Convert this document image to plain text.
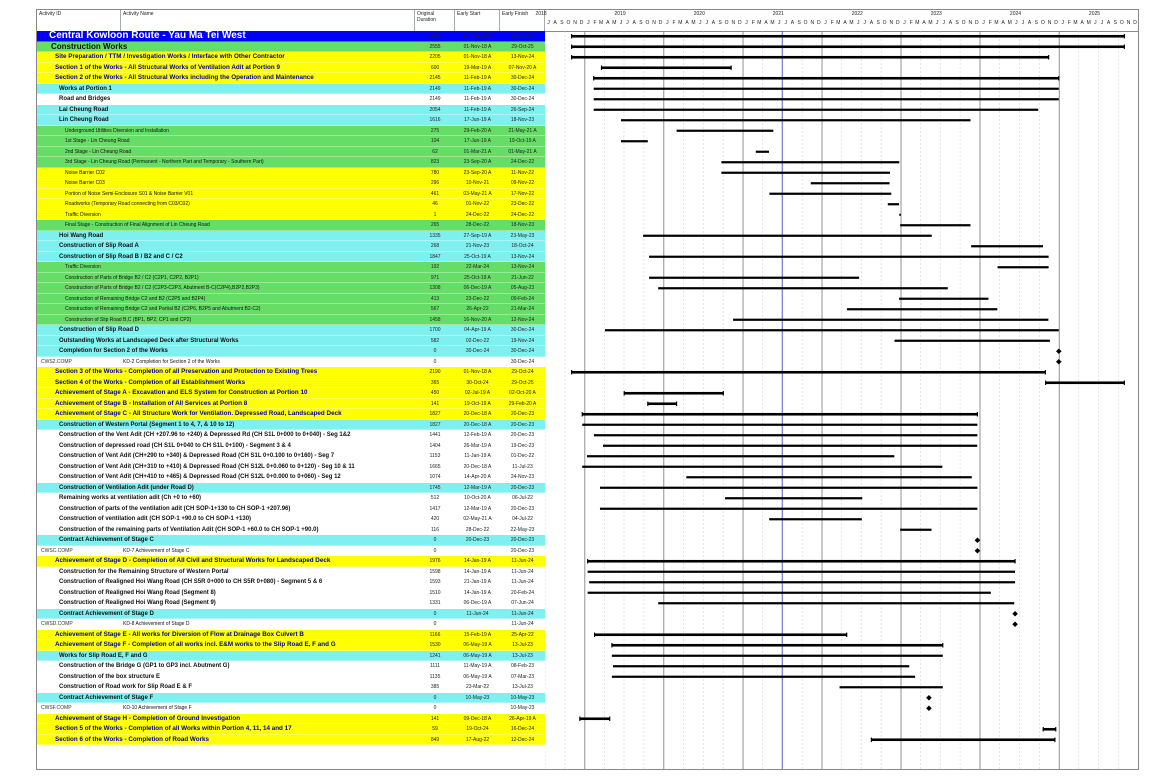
Activity ID	Activity Name	Original Duration
Early Start	Early Finish
J A S O N D J F M A M J J A S O N D J F M A M J J A S O N D J F M A M J J A S O N D J F M A M J J A S O N D J F M A M J J A S O N D J F M A M J J A S O N D J F M A M J J A S O N D
2018	2019	2020	2021	2022	2023	2024	2025
Central Kowloon Route - Yau Ma Tei West	2555	01-Nov-18 A	29-Oct-25
Construction Works	2555	01-Nov-18 A	29-Oct-25
Site Preparation / TTM / Investigation Works / Interface with Other Contractor	2205	01-Nov-18 A	13-Nov-24
Section 1 of the Works - All Structural Works of Ventilation Adit at Portion 9	600	19-Mar-19 A	07-Nov-20 A
Section 2 of the Works - All Structural Works including the Operation and Maintenance	2145	11-Feb-19 A	30-Dec-24
Works at Portion 1	2149	11-Feb-19 A	30-Dec-24
Road and Bridges	2149	11-Feb-19 A	30-Dec-24
Lai Cheung Road	2054	11-Feb-19 A	26-Sep-24
Lin Cheung Road	1616	17-Jun-19 A	18-Nov-23
Underground Utilities Diversion and Installation	275	29-Feb-20 A	21-May-21 A
1st Stage - Lin Cheung Road	104	17-Jun-19 A	19-Oct-19 A
2nd Stage - Lin Cheung Road	62	01-Mar-21 A	01-May-21 A
3rd Stage - Lin Cheung Road (Permanent - Northern Part and Temporary - Southern Part)	823	23-Sep-20 A	24-Dec-22
Noise Barrier C02	780	23-Sep-20 A	11-Nov-22
Noise Barrier C03	296	10-Nov-21	09-Nov-22
Portion of Noise Semi-Enclosure S01 & Noise Barrier V01	461	03-May-21 A	17-Nov-22
Roadworks (Temporary Road connecting from C03/C02)	46	01-Nov-22	23-Dec-22
Traffic Diversion	1	24-Dec-22	24-Dec-22
Final Stage - Construction of Final Alignment of Lin Cheung Road	265	28-Dec-22	18-Nov-23
Hoi Wang Road	1335	27-Sep-19 A	23-May-23
Construction of Slip Road A	268	21-Nov-23	18-Oct-24
Construction of Slip Road B / B2 and C / C2	1847	25-Oct-19 A	13-Nov-24
Traffic Diversion	192	22-Mar-24	13-Nov-24
Construction of Parts of Bridge B2 / C2 (C2P1, C2P2, B2P1)	971	25-Oct-19 A	21-Jun-22
Construction of Parts of Bridge B2 / C2 (C2P3-C2P3, Abutment B-C(C2P4),B2P2,B2P3)	1308	06-Dec-19 A	05-Aug-23
Construction of Remaining Bridge C2 and B2 (C2P5 and B2P4)	413	23-Dec-22	09-Feb-24
Construction of Remaining Bridge C2 and Partial B2 (C2P6, B2P5 and Abutment B2-C2)	567	26-Apr-22	21-Mar-24
Construction of Slip Road B,C (BP1, BP2, CP1 and CP2)	1458	16-Nov-20 A	12-Nov-24
Construction of Slip Road D	1700	04-Apr-19 A	30-Dec-24
Outstanding Works at Landscaped Deck after Structural Works	582	02-Dec-22	19-Nov-24
Completion for Section 2 of the Works	0	30-Dec-24	30-Dec-24
CWS2.COMP	KD-2 Completion for Section 2 of the Works	0	30-Dec-24
Section 3 of the Works - Completion of all Preservation and Protection to Existing Trees	2190	01-Nov-18 A	29-Oct-24
Section 4 of the Works - Completion of all Establishment Works	365	30-Oct-24	29-Oct-25
Achievement of Stage A - Excavation and ELS System for Construction at Portion 10	450	02-Jul-19 A	02-Oct-20 A
Achievement of Stage B - Installation of All Services at Portion 8	141	19-Oct-19 A	29-Feb-20 A
Achievement of Stage C - All Structure Work for Ventilation. Depressed Road, Landscaped Deck	1827	20-Dec-18 A	20-Dec-23
Construction of Western Portal (Segment 1 to 4, 7, & 10 to 12)	1827	20-Dec-18 A	20-Dec-23
Construction of the Vent Adit (CH +207.96 to +240) & Depressed Rd (CH S1L 0+000 to 0+040) - Seg 1&2	1441	12-Feb-19 A	20-Dec-23
Construction of depressed road (CH S1L 0+040 to CH S1L 0+100) - Segment 3 & 4	1404	26-Mar-19 A	19-Dec-23
Construction of Vent Adit (CH+290 to +340) & Depressed Road (CH S1L 0+0.100 to 0+160) - Seg 7	1153	11-Jan-19 A	01-Dec-22
Construction of Vent Adit (CH+310 to +410) & Depressed Road (CH S12L 0+0.060 to 0+120) - Seg 10 & 11	1665	20-Dec-18 A	11-Jul-23
Construction of Vent Adit (CH+410 to +465) & Depressed Road (CH S12L 0+0.000 to 0+060) - Seg 12	1074	14-Apr-20 A	24-Nov-23
Construction of Ventilation Adit (under Road D)	1745	12-Mar-19 A	20-Dec-23
Remaining works at ventilation adit (Ch +0 to +60)	512	10-Oct-20 A	06-Jul-22
Construction of parts of the ventilation adit (CH SOP-1+130 to CH SOP-1 +207.96)	1417	12-Mar-19 A	20-Dec-23
Construction of ventilation adit (CH SOP-1 +90.0 to CH SOP-1 +130)	420	02-May-21 A	04-Jul-22
Construction of the remaining parts of Ventilation Adit (CH SOP-1 +60.0 to CH SOP-1 +90.0)	116	28-Dec-22	22-May-23
Contract Achievement of Stage C	0	20-Dec-23	20-Dec-23
CWSC.COMP	KD-7 Achievement of Stage C	0	20-Dec-23
Achievement of Stage D - Completion of All Civil and Structural Works for Landscaped Deck	1976	14-Jan-19 A	11-Jun-24
Construction for the Remaining Structure of Western Portal	1598	14-Jan-19 A	11-Jun-24
Construction of Realigned Hoi Wang Road (CH S5R 0+000 to CH S5R 0+080) - Segment 5 & 6	1593	21-Jan-19 A	11-Jun-24
Construction of Realigned Hoi Wang Road (Segment 8)	1510	14-Jan-19 A	20-Feb-24
Construction of Realigned Hoi Wang Road (Segment 9)	1331	06-Dec-19 A	07-Jun-24
Contract Achievement of Stage D	0	11-Jun-24	11-Jun-24
CWSD.COMP	KD-8 Achievement of Stage D	0	11-Jun-24
Achievement of Stage E - All works for Diversion of Flow at Drainage Box Culvert B	1166	15-Feb-19 A	25-Apr-22
Achievement of Stage F - Completion of all works incl. E&M works to the Slip Road E, F and G	1530	06-May-19 A	13-Jul-23
Works for Slip Road E, F and G	1241	06-May-19 A	13-Jul-23
Construction of the Bridge G (GP1 to GP3 incl. Abutment G)	1111	11-May-19 A	08-Feb-23
Construction of the box structure E	1135	06-May-19 A	07-Mar-23
Construction of Road work for Slip Road E & F	385	23-Mar-22	13-Jul-23
Contract Achievement of Stage F	0	10-May-23	10-May-23
CWSF.COMP	KD-10 Achievement of Stage F	0	10-May-23
Achievement of Stage H - Completion of Ground Investigation	141	09-Dec-18 A	26-Apr-19 A
Section 5 of the Works - Completion of all Works within Portion 4, 11, 14 and 17	59	19-Oct-24	16-Dec-24
Section 6 of the Works - Completion of Road Works	849	17-Aug-22	12-Dec-24
